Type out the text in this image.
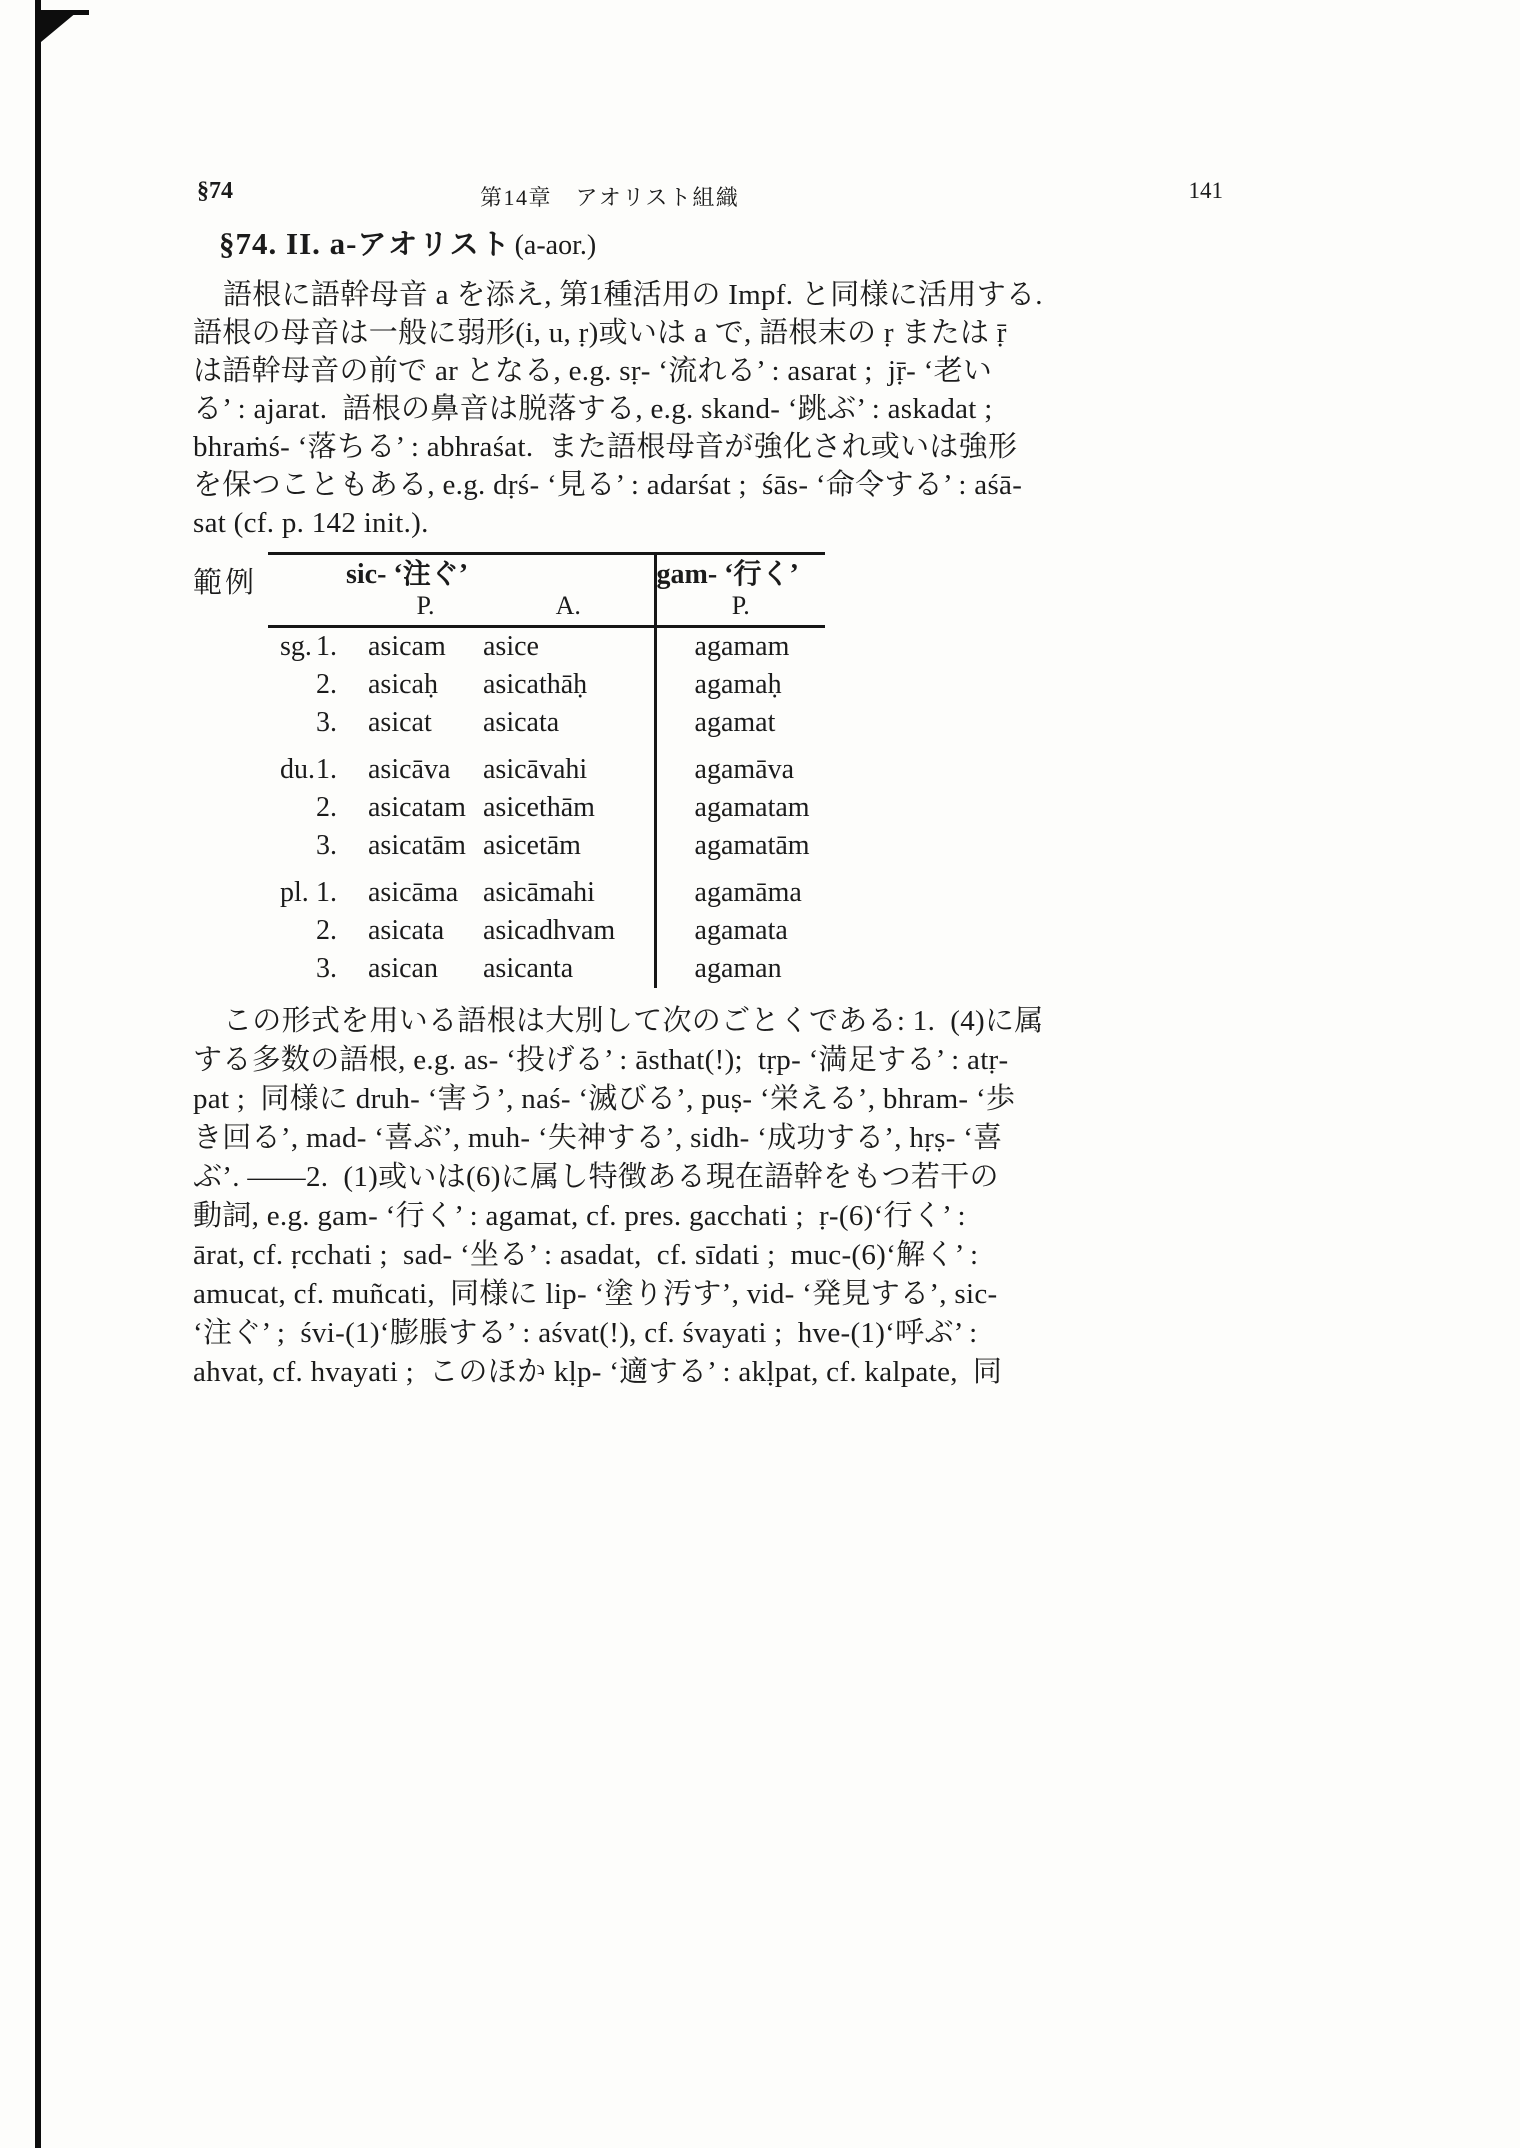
§74	第14章　アオリスト組織	141
§74. II. a-アオリスト (a-aor.)
語根に語幹母音 a を添え, 第1種活用の Impf. と同様に活用する.
語根の母音は一般に弱形(i, u, ṛ)或いは a で, 語根末の ṛ または ṝ
は語幹母音の前で ar となる, e.g. sṛ- ‘流れる’ : asarat ;  jṝ- ‘老い
る’ : ajarat.  語根の鼻音は脱落する, e.g. skand- ‘跳ぶ’ : askadat ;
bhraṁś- ‘落ちる’ : abhraśat.  また語根母音が強化され或いは強形
を保つこともある, e.g. dṛś- ‘見る’ : adarśat ;  śās- ‘命令する’ : aśā-
sat (cf. p. 142 init.).
範例	sic- ‘注ぐ’				gam- ‘行く’
		P.	A.	P.
sg.	1.	asicam	asice	agamam
	2.	asicaḥ	asicathāḥ	agamaḥ
	3.	asicat	asicata	agamat
du.	1.	asicāva	asicāvahi	agamāva
	2.	asicatam	asicethām	agamatam
	3.	asicatām	asicetām	agamatām
pl.	1.	asicāma	asicāmahi	agamāma
	2.	asicata	asicadhvam	agamata
	3.	asican	asicanta	agaman
この形式を用いる語根は大別して次のごとくである: 1.  (4)に属
する多数の語根, e.g. as- ‘投げる’ : āsthat(!);  tṛp- ‘満足する’ : atṛ-
pat ;  同様に druh- ‘害う’, naś- ‘滅びる’, puṣ- ‘栄える’, bhram- ‘歩
き回る’, mad- ‘喜ぶ’, muh- ‘失神する’, sidh- ‘成功する’, hṛṣ- ‘喜
ぶ’. ——2.  (1)或いは(6)に属し特徴ある現在語幹をもつ若干の
動詞, e.g. gam- ‘行く’ : agamat, cf. pres. gacchati ;  ṛ-(6)‘行く’ :
ārat, cf. ṛcchati ;  sad- ‘坐る’ : asadat,  cf. sīdati ;  muc-(6)‘解く’ :
amucat, cf. muñcati,  同様に lip- ‘塗り汚す’, vid- ‘発見する’, sic-
‘注ぐ’ ;  śvi-(1)‘膨脹する’ : aśvat(!), cf. śvayati ;  hve-(1)‘呼ぶ’ :
ahvat, cf. hvayati ;  このほか kḷp- ‘適する’ : akḷpat, cf. kalpate,  同
